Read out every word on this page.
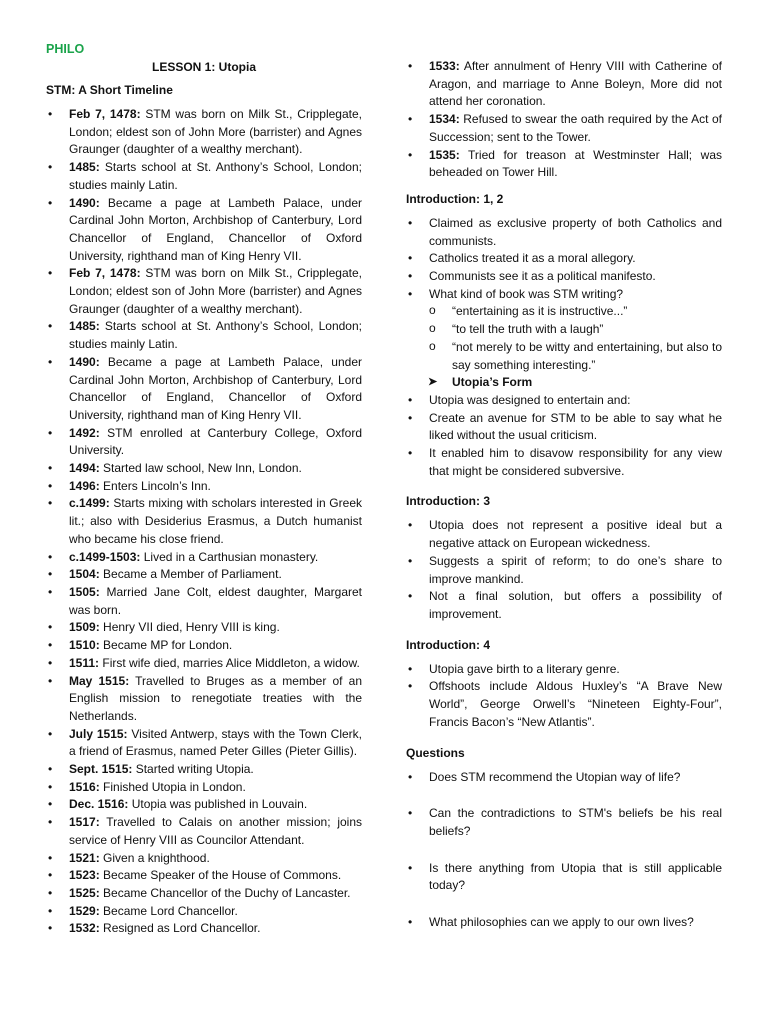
PHILO
LESSON 1: Utopia
STM: A Short Timeline
• Feb 7, 1478: STM was born on Milk St., Cripplegate, London; eldest son of John More (barrister) and Agnes Graunger (daughter of a wealthy merchant).
• 1485: Starts school at St. Anthony’s School, London; studies mainly Latin.
• 1490: Became a page at Lambeth Palace, under Cardinal John Morton, Archbishop of Canterbury, Lord Chancellor of England, Chancellor of Oxford University, righthand man of King Henry VII.
• Feb 7, 1478: STM was born on Milk St., Cripplegate, London; eldest son of John More (barrister) and Agnes Graunger (daughter of a wealthy merchant).
• 1485: Starts school at St. Anthony’s School, London; studies mainly Latin.
• 1490: Became a page at Lambeth Palace, under Cardinal John Morton, Archbishop of Canterbury, Lord Chancellor of England, Chancellor of Oxford University, righthand man of King Henry VII.
• 1492: STM enrolled at Canterbury College, Oxford University.
• 1494: Started law school, New Inn, London.
• 1496: Enters Lincoln’s Inn.
• c.1499: Starts mixing with scholars interested in Greek lit.; also with Desiderius Erasmus, a Dutch humanist who became his close friend.
• c.1499-1503: Lived in a Carthusian monastery.
• 1504: Became a Member of Parliament.
• 1505: Married Jane Colt, eldest daughter, Margaret was born.
• 1509: Henry VII died, Henry VIII is king.
• 1510: Became MP for London.
• 1511: First wife died, marries Alice Middleton, a widow.
• May 1515: Travelled to Bruges as a member of an English mission to renegotiate treaties with the Netherlands.
• July 1515: Visited Antwerp, stays with the Town Clerk, a friend of Erasmus, named Peter Gilles (Pieter Gillis).
• Sept. 1515: Started writing Utopia.
• 1516: Finished Utopia in London.
• Dec. 1516: Utopia was published in Louvain.
• 1517: Travelled to Calais on another mission; joins service of Henry VIII as Councilor Attendant.
• 1521: Given a knighthood.
• 1523: Became Speaker of the House of Commons.
• 1525: Became Chancellor of the Duchy of Lancaster.
• 1529: Became Lord Chancellor.
• 1532: Resigned as Lord Chancellor.
• 1533: After annulment of Henry VIII with Catherine of Aragon, and marriage to Anne Boleyn, More did not attend her coronation.
• 1534: Refused to swear the oath required by the Act of Succession; sent to the Tower.
• 1535: Tried for treason at Westminster Hall; was beheaded on Tower Hill.
Introduction: 1, 2
• Claimed as exclusive property of both Catholics and communists.
• Catholics treated it as a moral allegory.
• Communists see it as a political manifesto.
• What kind of book was STM writing?
o “entertaining as it is instructive...”
o “to tell the truth with a laugh”
o “not merely to be witty and entertaining, but also to say something interesting.”
➤ Utopia’s Form
• Utopia was designed to entertain and:
• Create an avenue for STM to be able to say what he liked without the usual criticism.
• It enabled him to disavow responsibility for any view that might be considered subversive.
Introduction: 3
• Utopia does not represent a positive ideal but a negative attack on European wickedness.
• Suggests a spirit of reform; to do one’s share to improve mankind.
• Not a final solution, but offers a possibility of improvement.
Introduction: 4
• Utopia gave birth to a literary genre.
• Offshoots include Aldous Huxley’s “A Brave New World”, George Orwell’s “Nineteen Eighty-Four”, Francis Bacon’s “New Atlantis”.
Questions
• Does STM recommend the Utopian way of life?
• Can the contradictions to STM's beliefs be his real beliefs?
• Is there anything from Utopia that is still applicable today?
• What philosophies can we apply to our own lives?
